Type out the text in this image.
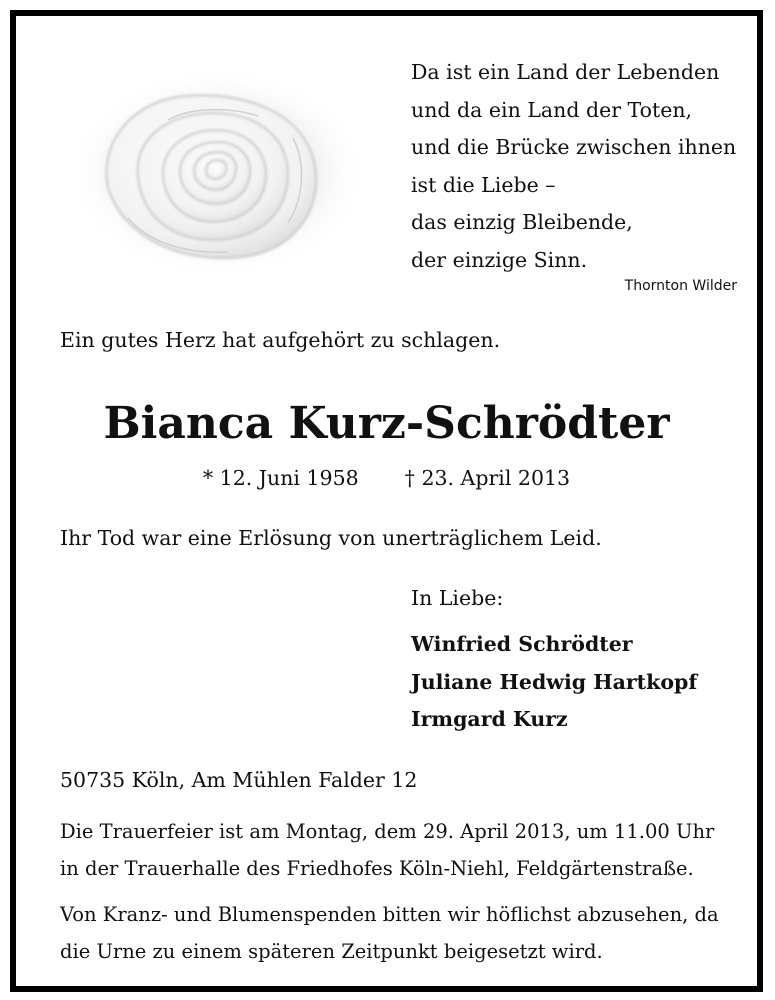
Da ist ein Land der Lebenden
und da ein Land der Toten,
und die Brücke zwischen ihnen
ist die Liebe –
das einzig Bleibende,
der einzige Sinn.
Thornton Wilder
Ein gutes Herz hat aufgehört zu schlagen.
Bianca Kurz-Schrödter
* 12. Juni 1958 † 23. April 2013
Ihr Tod war eine Erlösung von unerträglichem Leid.
In Liebe:
Winfried Schrödter
Juliane Hedwig Hartkopf
Irmgard Kurz
50735 Köln, Am Mühlen Falder 12
Die Trauerfeier ist am Montag, dem 29. April 2013, um 11.00 Uhr
in der Trauerhalle des Friedhofes Köln-Niehl, Feldgärtenstraße.
Von Kranz- und Blumenspenden bitten wir höflichst abzusehen, da
die Urne zu einem späteren Zeitpunkt beigesetzt wird.
